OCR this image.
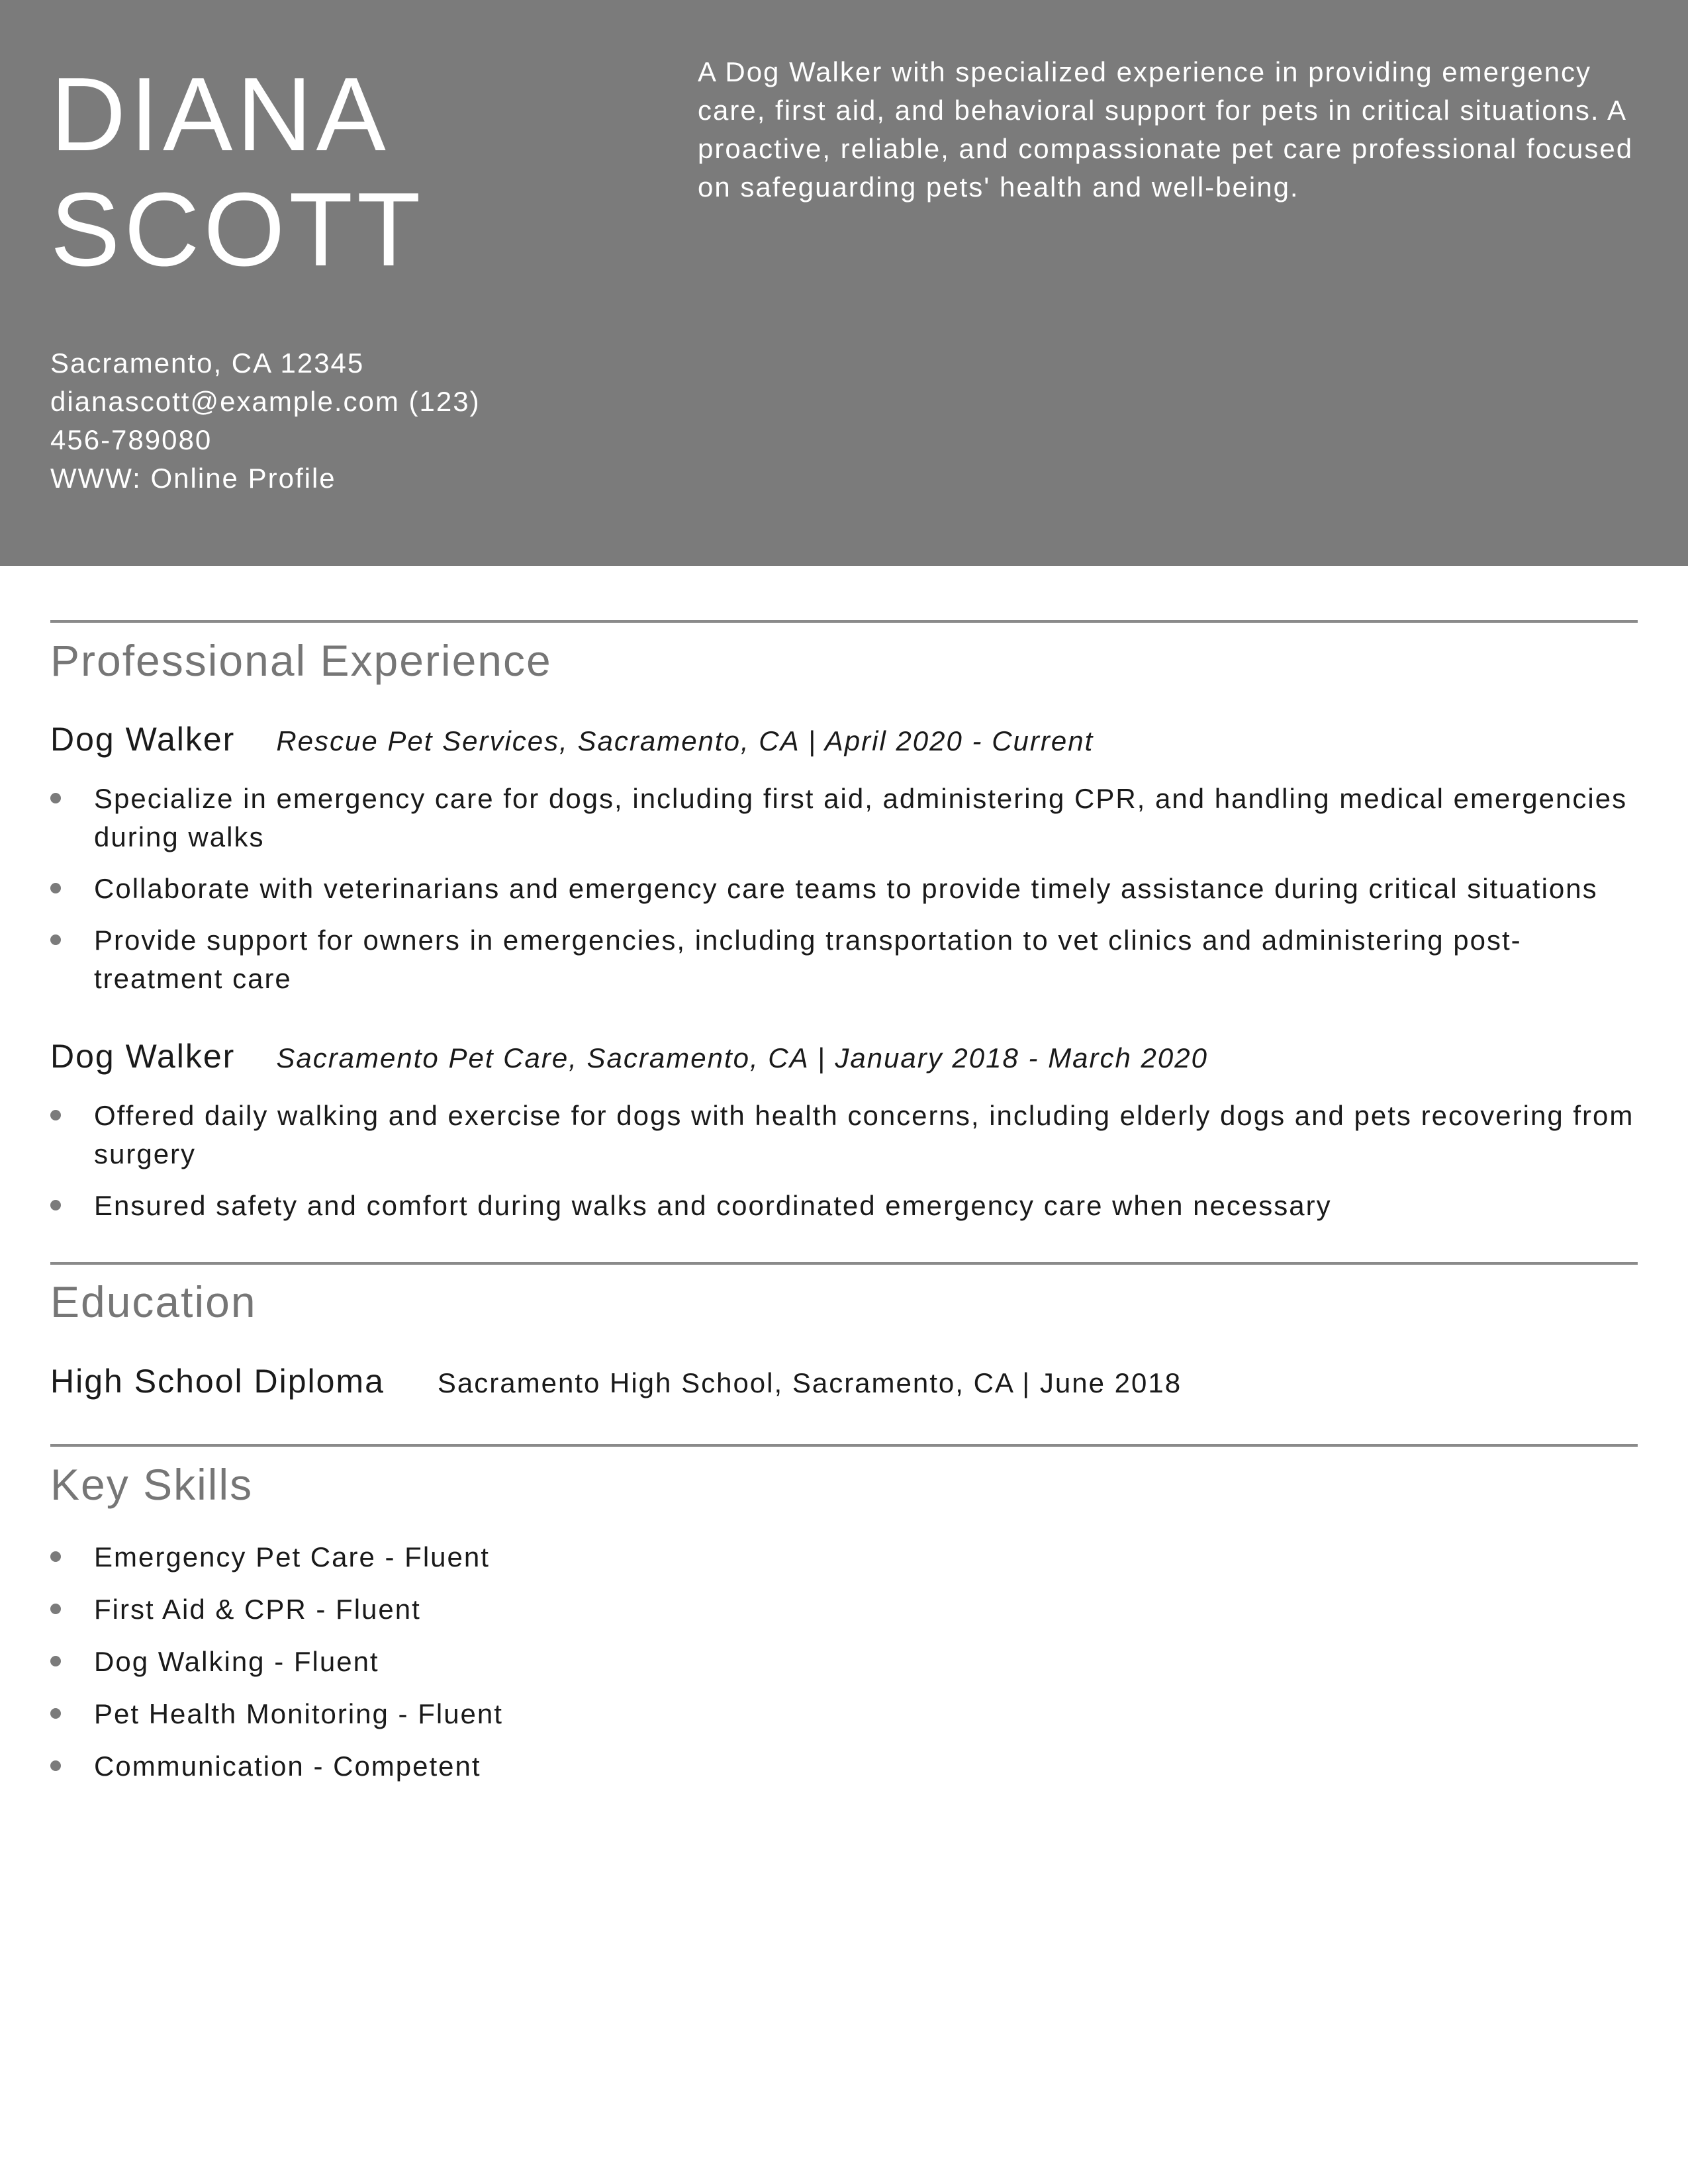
DIANA
SCOTT

A Dog Walker with specialized experience in providing emergency care, first aid, and behavioral support for pets in critical situations. A proactive, reliable, and compassionate pet care professional focused on safeguarding pets' health and well-being.

Sacramento, CA 12345
dianascott@example.com (123)
456-789080
WWW: Online Profile
Professional Experience
Dog Walker Rescue Pet Services, Sacramento, CA | April 2020 - Current
Specialize in emergency care for dogs, including first aid, administering CPR, and handling medical emergencies during walks
Collaborate with veterinarians and emergency care teams to provide timely assistance during critical situations
Provide support for owners in emergencies, including transportation to vet clinics and administering post-treatment care
Dog Walker Sacramento Pet Care, Sacramento, CA | January 2018 - March 2020
Offered daily walking and exercise for dogs with health concerns, including elderly dogs and pets recovering from surgery
Ensured safety and comfort during walks and coordinated emergency care when necessary
Education
High School Diploma Sacramento High School, Sacramento, CA | June 2018
Key Skills
Emergency Pet Care - Fluent
First Aid & CPR - Fluent
Dog Walking - Fluent
Pet Health Monitoring - Fluent
Communication - Competent
